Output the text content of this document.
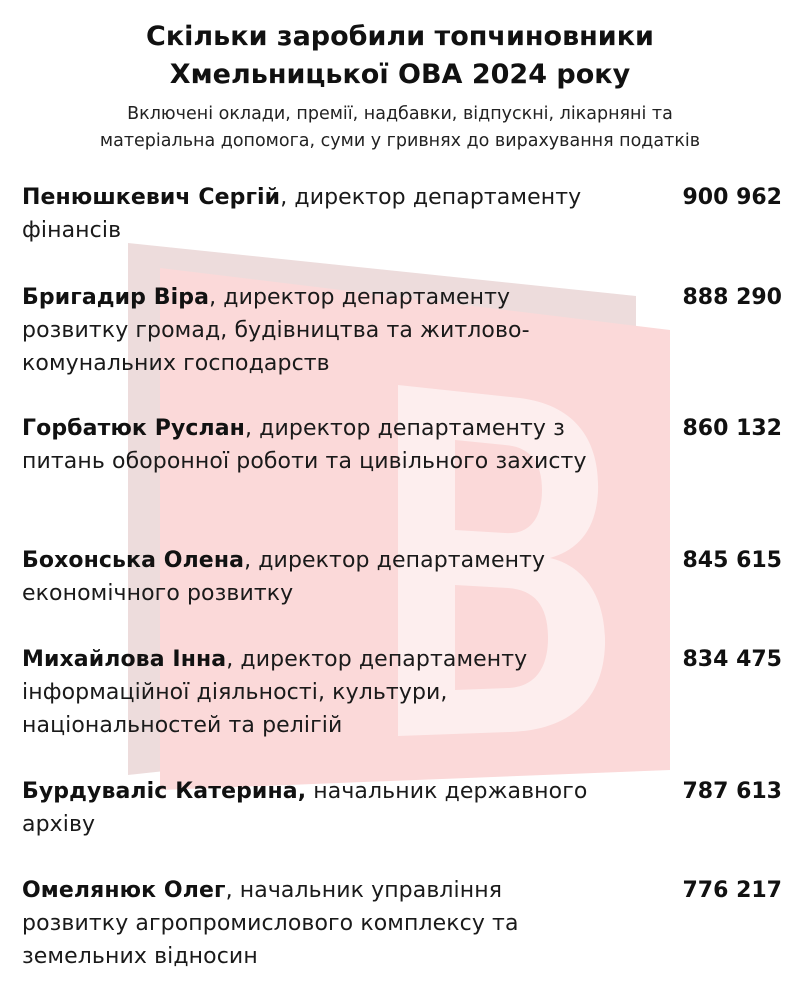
Скільки заробили топчиновники
Хмельницької ОВА 2024 року
Включені оклади, премії, надбавки, відпускні, лікарняні та
матеріальна допомога, суми у гривнях до вирахування податків
Пенюшкевич Сергій, директор департаменту фінансів
900 962
Бригадир Віра, директор департаменту розвитку громад, будівництва та житлово-комунальних господарств
888 290
Горбатюк Руслан, директор департаменту з питань оборонної роботи та цивільного захисту
860 132
Бохонська Олена, директор департаменту економічного розвитку
845 615
Михайлова Інна, директор департаменту інформаційної діяльності, культури, національностей та релігій
834 475
Бурдуваліс Катерина, начальник державного архіву
787 613
Омелянюк Олег, начальник управління розвитку агропромислового комплексу та земельних відносин
776 217
